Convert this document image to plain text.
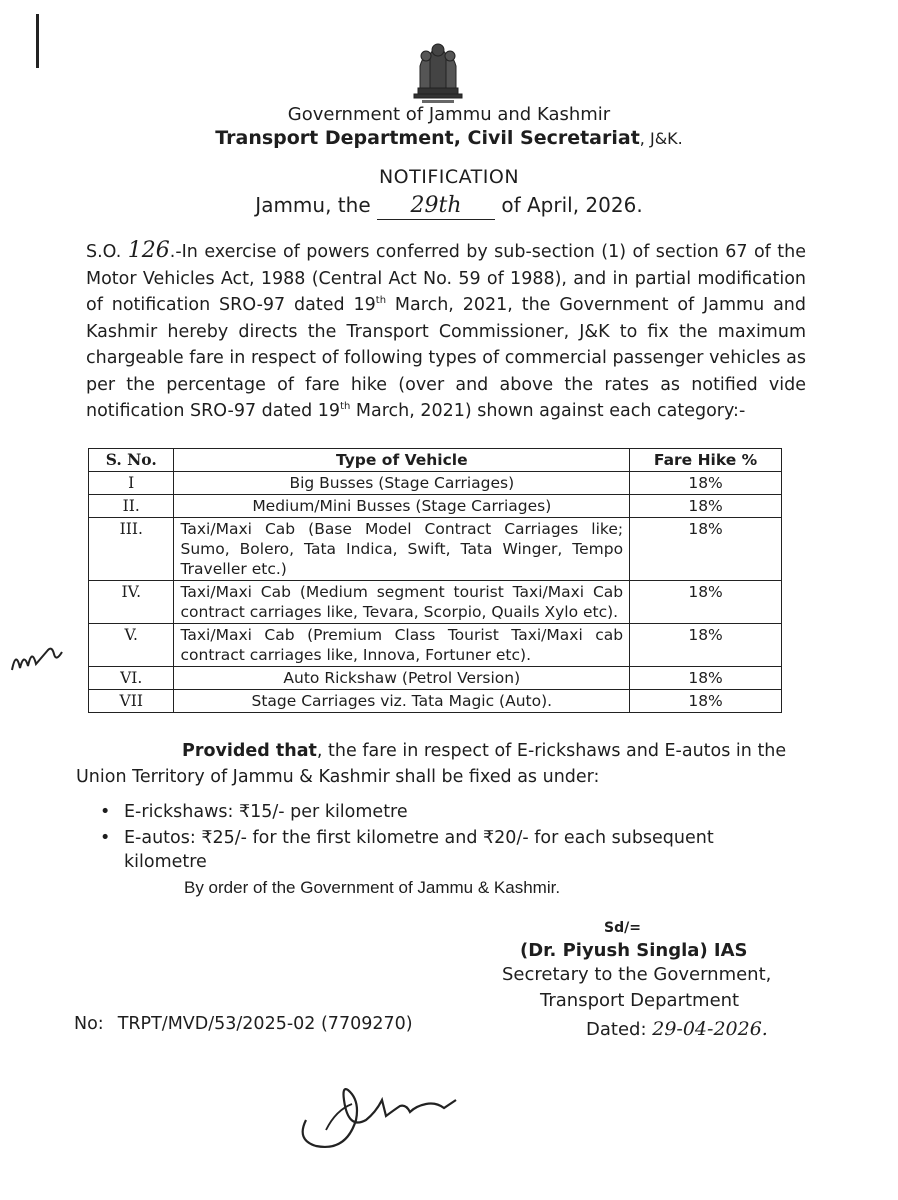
Government of Jammu and Kashmir
Transport Department, Civil Secretariat, J&K.
NOTIFICATION
Jammu, the 29th of April, 2026.
S.O. 126.-In exercise of powers conferred by sub-section (1) of section 67 of the Motor Vehicles Act, 1988 (Central Act No. 59 of 1988), and in partial modification of notification SRO-97 dated 19th March, 2021, the Government of Jammu and Kashmir hereby directs the Transport Commissioner, J&K to fix the maximum chargeable fare in respect of following types of commercial passenger vehicles as per the percentage of fare hike (over and above the rates as notified vide notification SRO-97 dated 19th March, 2021) shown against each category:-
S. No.	Type of Vehicle	Fare Hike %
I	Big Busses (Stage Carriages)	18%
II.	Medium/Mini Busses (Stage Carriages)	18%
III.	Taxi/Maxi Cab (Base Model Contract Carriages like; Sumo, Bolero, Tata Indica, Swift, Tata Winger, Tempo Traveller etc.)	18%
IV.	Taxi/Maxi Cab (Medium segment tourist Taxi/Maxi Cab contract carriages like, Tevara, Scorpio, Quails Xylo etc).	18%
V.	Taxi/Maxi Cab (Premium Class Tourist Taxi/Maxi cab contract carriages like, Innova, Fortuner etc).	18%
VI.	Auto Rickshaw (Petrol Version)	18%
VII	Stage Carriages viz. Tata Magic (Auto).	18%
Provided that, the fare in respect of E-rickshaws and E-autos in the Union Territory of Jammu & Kashmir shall be fixed as under:
• E-rickshaws: ₹15/- per kilometre
• E-autos: ₹25/- for the first kilometre and ₹20/- for each subsequent kilometre
By order of the Government of Jammu & Kashmir.
Sd/=
(Dr. Piyush Singla) IAS
Secretary to the Government,
Transport Department
Dated: 29-04-2026.
No: TRPT/MVD/53/2025-02 (7709270)
